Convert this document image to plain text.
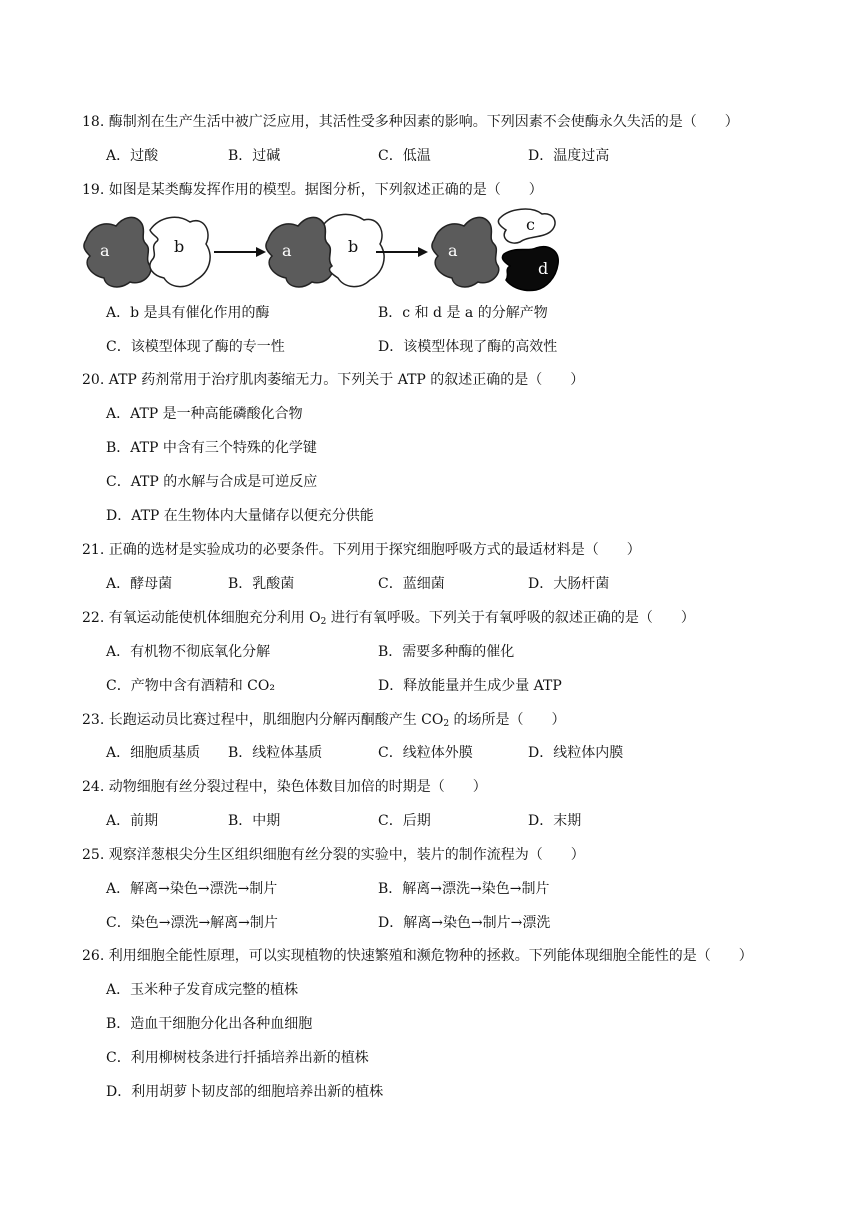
18. 酶制剂在生产生活中被广泛应用，其活性受多种因素的影响。下列因素不会使酶永久失活的是（　　）
A．过酸	B．过碱	C．低温	D．温度过高
19. 如图是某类酶发挥作用的模型。据图分析，下列叙述正确的是（　　）
a	b	a	b	a
c
d
A．b 是具有催化作用的酶	B．c 和 d 是 a 的分解产物
C．该模型体现了酶的专一性	D．该模型体现了酶的高效性
20. ATP 药剂常用于治疗肌肉萎缩无力。下列关于 ATP 的叙述正确的是（　　）
A．ATP 是一种高能磷酸化合物
B．ATP 中含有三个特殊的化学键
C．ATP 的水解与合成是可逆反应
D．ATP 在生物体内大量储存以便充分供能
21. 正确的选材是实验成功的必要条件。下列用于探究细胞呼吸方式的最适材料是（　　）
A．酵母菌	B．乳酸菌	C．蓝细菌	D．大肠杆菌
22. 有氧运动能使机体细胞充分利用 $O_2$ 进行有氧呼吸。下列关于有氧呼吸的叙述正确的是（　　）
A．有机物不彻底氧化分解	B．需要多种酶的催化
C．产物中含有酒精和 CO₂	D．释放能量并生成少量 ATP
23. 长跑运动员比赛过程中，肌细胞内分解丙酮酸产生 $CO_2$ 的场所是（　　）
A．细胞质基质 B．线粒体基质	C．线粒体外膜	D．线粒体内膜
24. 动物细胞有丝分裂过程中，染色体数目加倍的时期是（　　）
A．前期	B．中期	C．后期	D．末期
25. 观察洋葱根尖分生区组织细胞有丝分裂的实验中，装片的制作流程为（　　）
A．解离→染色→漂洗→制片	B．解离→漂洗→染色→制片
C．染色→漂洗→解离→制片	D．解离→染色→制片→漂洗
26. 利用细胞全能性原理，可以实现植物的快速繁殖和濒危物种的拯救。下列能体现细胞全能性的是（　　）
A．玉米种子发育成完整的植株
B．造血干细胞分化出各种血细胞
C．利用柳树枝条进行扦插培养出新的植株
D．利用胡萝卜韧皮部的细胞培养出新的植株
